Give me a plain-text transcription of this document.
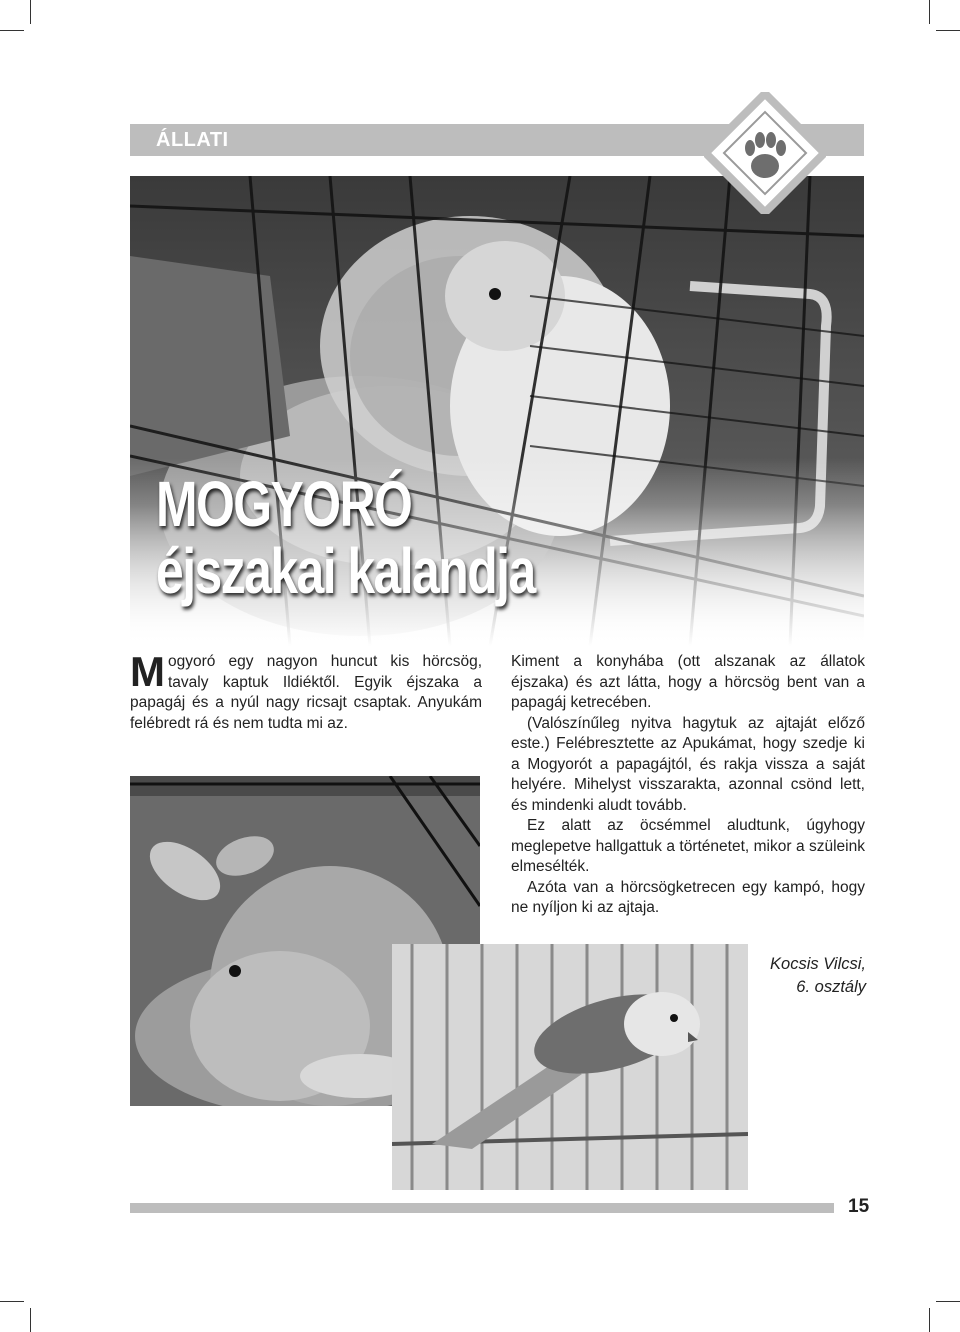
ÁLLATI
MOGYORÓ
éjszakai kalandja

Mogyoró egy nagyon huncut kis hörcsög, tavaly kaptuk Ildiéktől. Egyik éjszaka a papagáj és a nyúl nagy ricsajt csaptak. Anyukám felébredt rá és nem tudta mi az.

Kiment a konyhába (ott alszanak az állatok éjszaka) és azt látta, hogy a hörcsög bent van a papagáj ketrecében.

(Valószínűleg nyitva hagytuk az ajtaját előző este.) Felébresztette az Apukámat, hogy szedje ki a Mogyorót a papagájtól, és rakja vissza a saját helyére. Mihelyst visszarakta, azonnal csönd lett, és mindenki aludt tovább.

Ez alatt az öcsémmel aludtunk, úgyhogy meglepetve hallgattuk a történetet, mikor a szüleink elmesélték.

Azóta van a hörcsögketrecen egy kampó, hogy ne nyíljon ki az ajtaja.

Kocsis Vilcsi,
6. osztály
15
